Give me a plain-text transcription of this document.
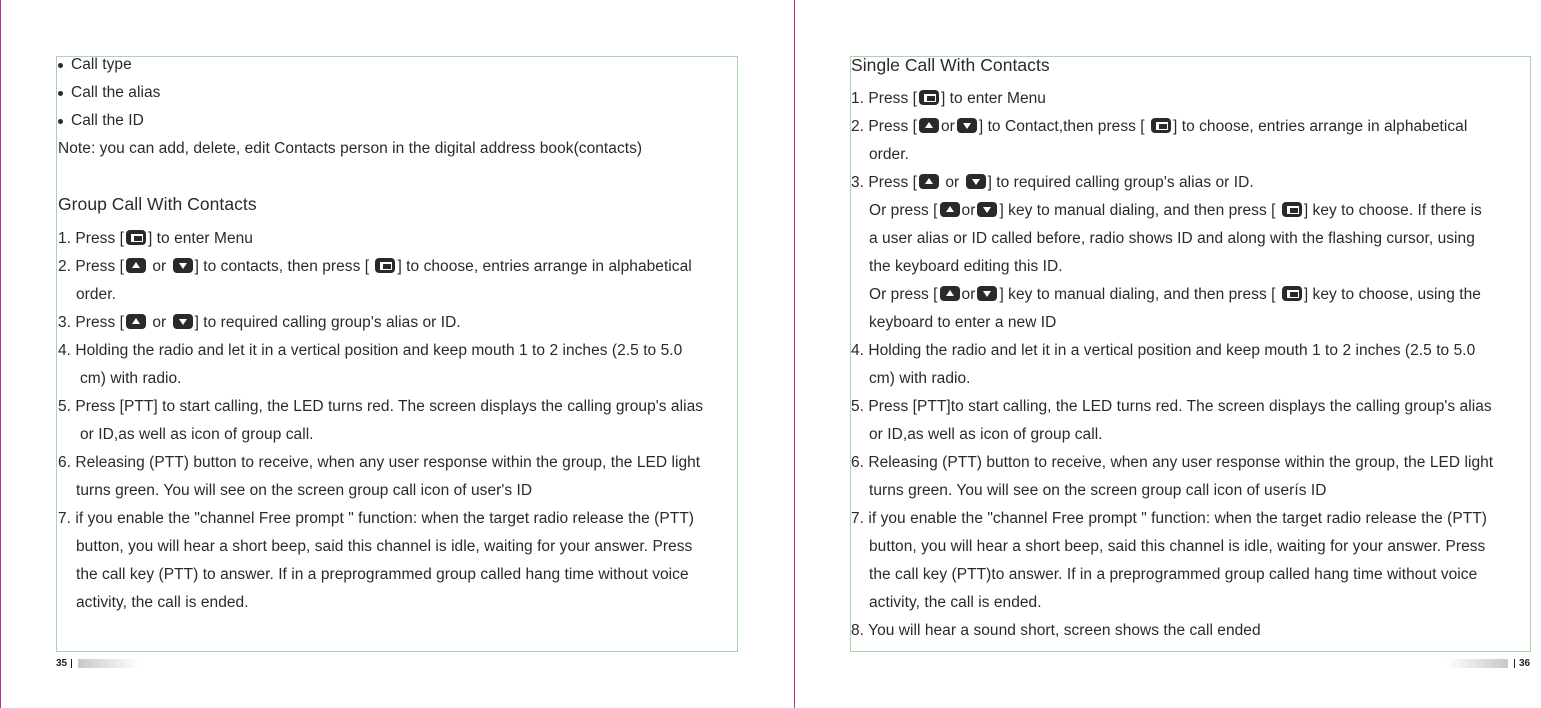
Call type
Call the alias
Call the ID
Note: you can add, delete, edit Contacts person in the digital address book(contacts)
Group Call With Contacts
1. Press [ ] to enter Menu
2. Press [ or ] to contacts, then press [ ] to choose, entries arrange in alphabetical
order.
3. Press [ or ] to required calling group's alias or ID.
4. Holding the radio and let it in a vertical position and keep mouth 1 to 2 inches (2.5 to 5.0
cm) with radio.
5. Press [PTT] to start calling, the LED turns red. The screen displays the calling group's alias
or ID,as well as icon of group call.
6. Releasing (PTT) button to receive, when any user response within the group, the LED light
turns green. You will see on the screen group call icon of user's ID
7. if you enable the "channel Free prompt " function: when the target radio release the (PTT)
button, you will hear a short beep, said this channel is idle, waiting for your answer. Press
the call key (PTT) to answer. If in a preprogrammed group called hang time without voice
activity, the call is ended.
35
Single Call With Contacts
1. Press [ ] to enter Menu
2. Press [ or ] to Contact,then press [ ] to choose, entries arrange in alphabetical
order.
3. Press [ or ] to required calling group's alias or ID.
Or press [ or ] key to manual dialing, and then press [ ] key to choose. If there is
a user alias or ID called before, radio shows ID and along with the flashing cursor, using
the keyboard editing this ID.
Or press [ or ] key to manual dialing, and then press [ ] key to choose, using the
keyboard to enter a new ID
4. Holding the radio and let it in a vertical position and keep mouth 1 to 2 inches (2.5 to 5.0
cm) with radio.
5. Press [PTT]to start calling, the LED turns red. The screen displays the calling group's alias
or ID,as well as icon of group call.
6. Releasing (PTT) button to receive, when any user response within the group, the LED light
turns green. You will see on the screen group call icon of userís ID
7. if you enable the "channel Free prompt " function: when the target radio release the (PTT)
button, you will hear a short beep, said this channel is idle, waiting for your answer. Press
the call key (PTT)to answer. If in a preprogrammed group called hang time without voice
activity, the call is ended.
8. You will hear a sound short, screen shows the call ended
36
